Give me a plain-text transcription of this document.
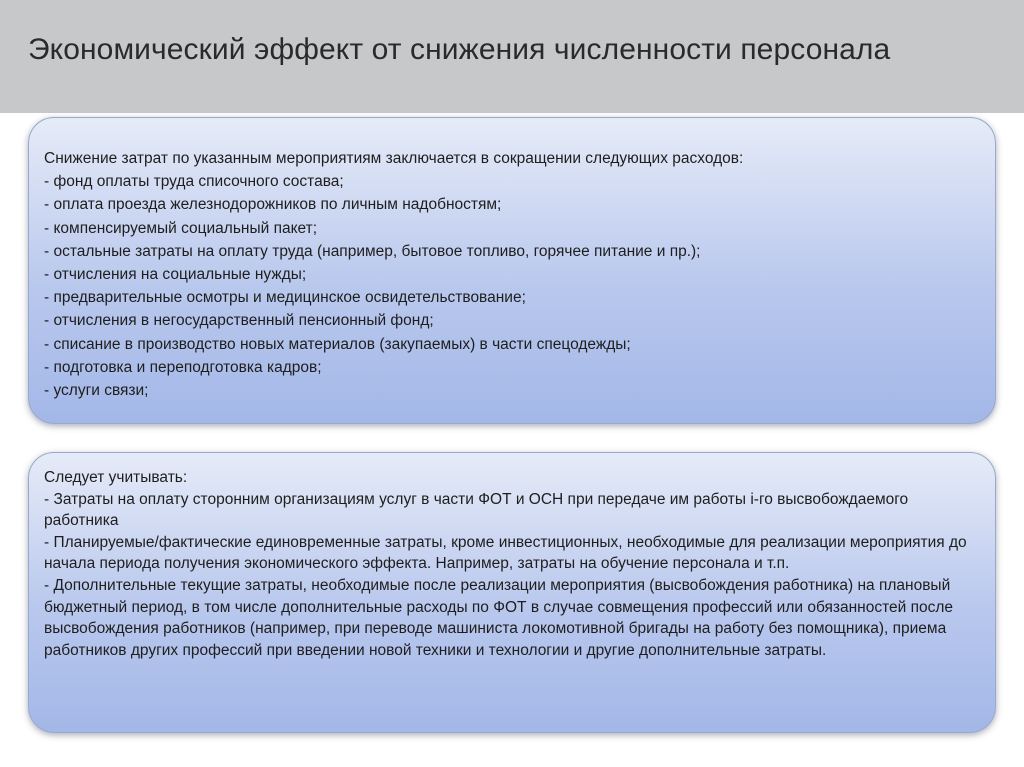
Экономический эффект от снижения численности персонала
Снижение затрат по указанным мероприятиям заключается в сокращении следующих расходов:
- фонд оплаты труда списочного состава;
- оплата проезда железнодорожников по личным надобностям;
- компенсируемый социальный пакет;
- остальные затраты на оплату труда (например, бытовое топливо, горячее питание и пр.);
- отчисления на социальные нужды;
- предварительные осмотры и медицинское освидетельствование;
- отчисления в негосударственный пенсионный фонд;
- списание в производство новых материалов (закупаемых) в части спецодежды;
- подготовка и переподготовка кадров;
- услуги связи;
Следует учитывать:
- Затраты на оплату сторонним организациям услуг в части ФОТ и ОСН при передаче им работы i-го высвобождаемого работника
- Планируемые/фактические единовременные затраты, кроме инвестиционных, необходимые для реализации мероприятия до начала периода получения экономического эффекта. Например, затраты на обучение персонала и т.п.
- Дополнительные текущие затраты, необходимые после реализации мероприятия (высвобождения работника) на плановый бюджетный период, в том числе дополнительные расходы по ФОТ в случае совмещения профессий или обязанностей после высвобождения работников (например, при переводе машиниста локомотивной бригады на работу без помощника), приема работников других профессий при введении новой техники и технологии и другие дополнительные затраты.
